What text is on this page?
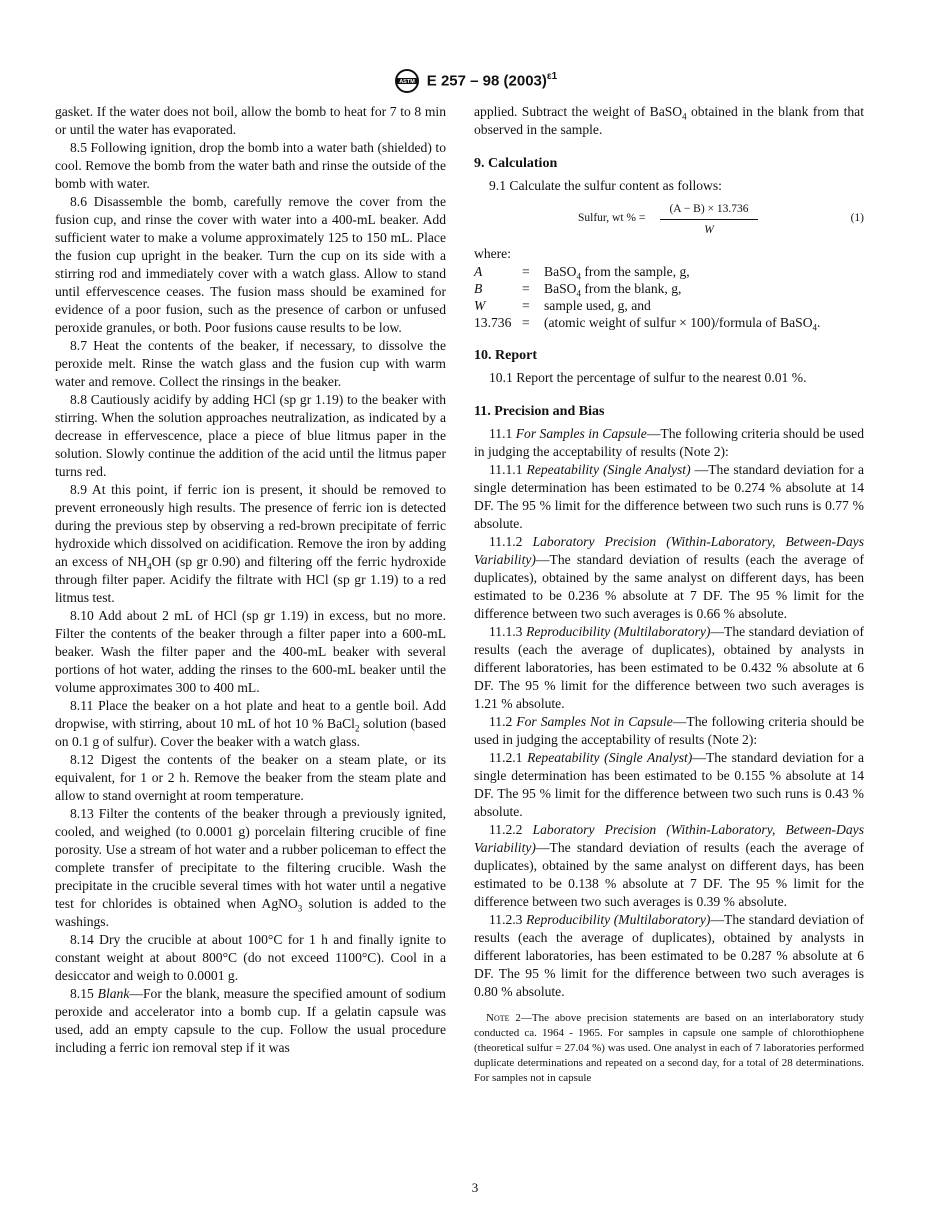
ASTM E 257 – 98 $(2003)^{\varepsilon 1}$

gasket. If the water does not boil, allow the bomb to heat for 7 to 8 min or until the water has evaporated.

8.5 Following ignition, drop the bomb into a water bath (shielded) to cool. Remove the bomb from the water bath and rinse the outside of the bomb with water.

8.6 Disassemble the bomb, carefully remove the cover from the fusion cup, and rinse the cover with water into a 400-mL beaker. Add sufficient water to make a volume approximately 125 to 150 mL. Place the fusion cup upright in the beaker. Turn the cup on its side with a stirring rod and immediately cover with a watch glass. Allow to stand until effervescence ceases. The fusion mass should be examined for evidence of a poor fusion, such as the presence of carbon or unfused peroxide granules, or both. Poor fusions cause results to be low.

8.7 Heat the contents of the beaker, if necessary, to dissolve the peroxide melt. Rinse the watch glass and the fusion cup with warm water and remove. Collect the rinsings in the beaker.

8.8 Cautiously acidify by adding HCl (sp gr 1.19) to the beaker with stirring. When the solution approaches neutralization, as indicated by a decrease in effervescence, place a piece of blue litmus paper in the solution. Slowly continue the addition of the acid until the litmus paper turns red.

8.9 At this point, if ferric ion is present, it should be removed to prevent erroneously high results. The presence of ferric ion is detected during the previous step by observing a red-brown precipitate of ferric hydroxide which dissolved on acidification. Remove the iron by adding an excess of $NH_4OH$ (sp gr 0.90) and filtering off the ferric hydroxide through filter paper. Acidify the filtrate with HCl (sp gr 1.19) to a red litmus test.

8.10 Add about 2 mL of HCl (sp gr 1.19) in excess, but no more. Filter the contents of the beaker through a filter paper into a 600-mL beaker. Wash the filter paper and the 400-mL beaker with several portions of hot water, adding the rinses to the 600-mL beaker until the volume approximates 300 to 400 mL.

8.11 Place the beaker on a hot plate and heat to a gentle boil. Add dropwise, with stirring, about 10 mL of hot 10 % BaCl$_2$ solution (based on 0.1 g of sulfur). Cover the beaker with a watch glass.

8.12 Digest the contents of the beaker on a steam plate, or its equivalent, for 1 or 2 h. Remove the beaker from the steam plate and allow to stand overnight at room temperature.

8.13 Filter the contents of the beaker through a previously ignited, cooled, and weighed (to 0.0001 g) porcelain filtering crucible of fine porosity. Use a stream of hot water and a rubber policeman to effect the complete transfer of precipitate to the filtering crucible. Wash the precipitate in the crucible several times with hot water until a negative test for chlorides is obtained when AgNO$_3$ solution is added to the washings.

8.14 Dry the crucible at about 100°C for 1 h and finally ignite to constant weight at about 800°C (do not exceed 1100°C). Cool in a desiccator and weigh to 0.0001 g.

8.15 Blank—For the blank, measure the specified amount of sodium peroxide and accelerator into a bomb cup. If a gelatin capsule was used, add an empty capsule to the cup. Follow the usual procedure including a ferric ion removal step if it was

applied. Subtract the weight of BaSO$_4$ obtained in the blank from that observed in the sample.

9. Calculation

9.1 Calculate the sulfur content as follows:

Sulfur, wt % = $\frac{(A - B) \times 13.736}{W}$	(1)

where:

A	=	BaSO$_4$ from the sample, g,
B	=	BaSO$_4$ from the blank, g,
W	=	sample used, g, and
13.736	=	(atomic weight of sulfur × 100)/formula of BaSO$_4$.
10. Report

10.1 Report the percentage of sulfur to the nearest 0.01 %.

11. Precision and Bias

11.1 For Samples in Capsule—The following criteria should be used in judging the acceptability of results (Note 2):

11.1.1 Repeatability (Single Analyst) —The standard deviation for a single determination has been estimated to be 0.274 % absolute at 14 DF. The 95 % limit for the difference between two such runs is 0.77 % absolute.

11.1.2 Laboratory Precision (Within-Laboratory, Between-Days Variability)—The standard deviation of results (each the average of duplicates), obtained by the same analyst on different days, has been estimated to be 0.236 % absolute at 7 DF. The 95 % limit for the difference between two such averages is 0.66 % absolute.

11.1.3 Reproducibility (Multilaboratory)—The standard deviation of results (each the average of duplicates), obtained by analysts in different laboratories, has been estimated to be 0.432 % absolute at 6 DF. The 95 % limit for the difference between two such averages is 1.21 % absolute.

11.2 For Samples Not in Capsule—The following criteria should be used in judging the acceptability of results (Note 2):

11.2.1 Repeatability (Single Analyst)—The standard deviation for a single determination has been estimated to be 0.155 % absolute at 14 DF. The 95 % limit for the difference between two such runs is 0.43 % absolute.

11.2.2 Laboratory Precision (Within-Laboratory, Between-Days Variability)—The standard deviation of results (each the average of duplicates), obtained by the same analyst on different days, has been estimated to be 0.138 % absolute at 7 DF. The 95 % limit for the difference between two such averages is 0.39 % absolute.

11.2.3 Reproducibility (Multilaboratory)—The standard deviation of results (each the average of duplicates), obtained by analysts in different laboratories, has been estimated to be 0.287 % absolute at 6 DF. The 95 % limit for the difference between two such averages is 0.80 % absolute.

Note 2—The above precision statements are based on an interlaboratory study conducted ca. 1964 - 1965. For samples in capsule one sample of chlorothiophene (theoretical sulfur = 27.04 %) was used. One analyst in each of 7 laboratories performed duplicate determinations and repeated on a second day, for a total of 28 determinations. For samples not in capsule

3
